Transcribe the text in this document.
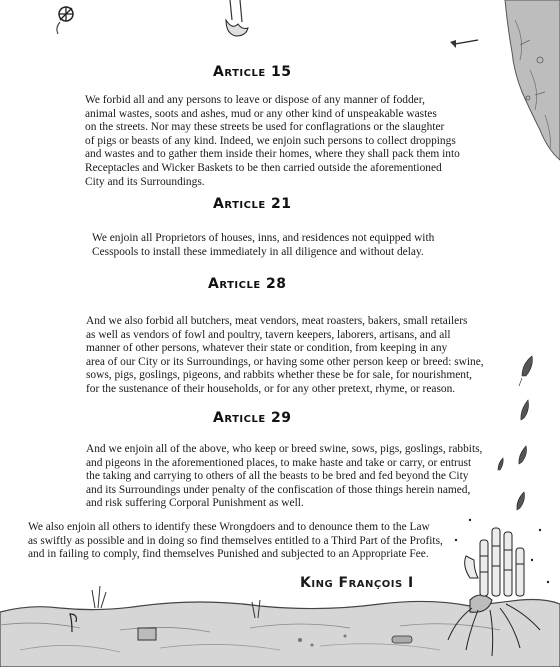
Article 15
We forbid all and any persons to leave or dispose of any manner of fodder,
animal wastes, soots and ashes, mud or any other kind of unspeakable wastes
on the streets. Nor may these streets be used for conflagrations or the slaughter
of pigs or beasts of any kind. Indeed, we enjoin such persons to collect droppings
and wastes and to gather them inside their homes, where they shall pack them into
Receptacles and Wicker Baskets to be then carried outside the aforementioned
City and its Surroundings.
Article 21
We enjoin all Proprietors of houses, inns, and residences not equipped with
Cesspools to install these immediately in all diligence and without delay.
Article 28
And we also forbid all butchers, meat vendors, meat roasters, bakers, small retailers
as well as vendors of fowl and poultry, tavern keepers, laborers, artisans, and all
manner of other persons, whatever their state or condition, from keeping in any
area of our City or its Surroundings, or having some other person keep or breed: swine,
sows, pigs, goslings, pigeons, and rabbits whether these be for sale, for nourishment,
for the sustenance of their households, or for any other pretext, rhyme, or reason.
Article 29
And we enjoin all of the above, who keep or breed swine, sows, pigs, goslings, rabbits,
and pigeons in the aforementioned places, to make haste and take or carry, or entrust
the taking and carrying to others of all the beasts to be bred and fed beyond the City
and its Surroundings under penalty of the confiscation of those things herein named,
and risk suffering Corporal Punishment as well.
We also enjoin all others to identify these Wrongdoers and to denounce them to the Law
as swiftly as possible and in doing so find themselves entitled to a Third Part of the Profits,
and in failing to comply, find themselves Punished and subjected to an Appropriate Fee.
King François I
